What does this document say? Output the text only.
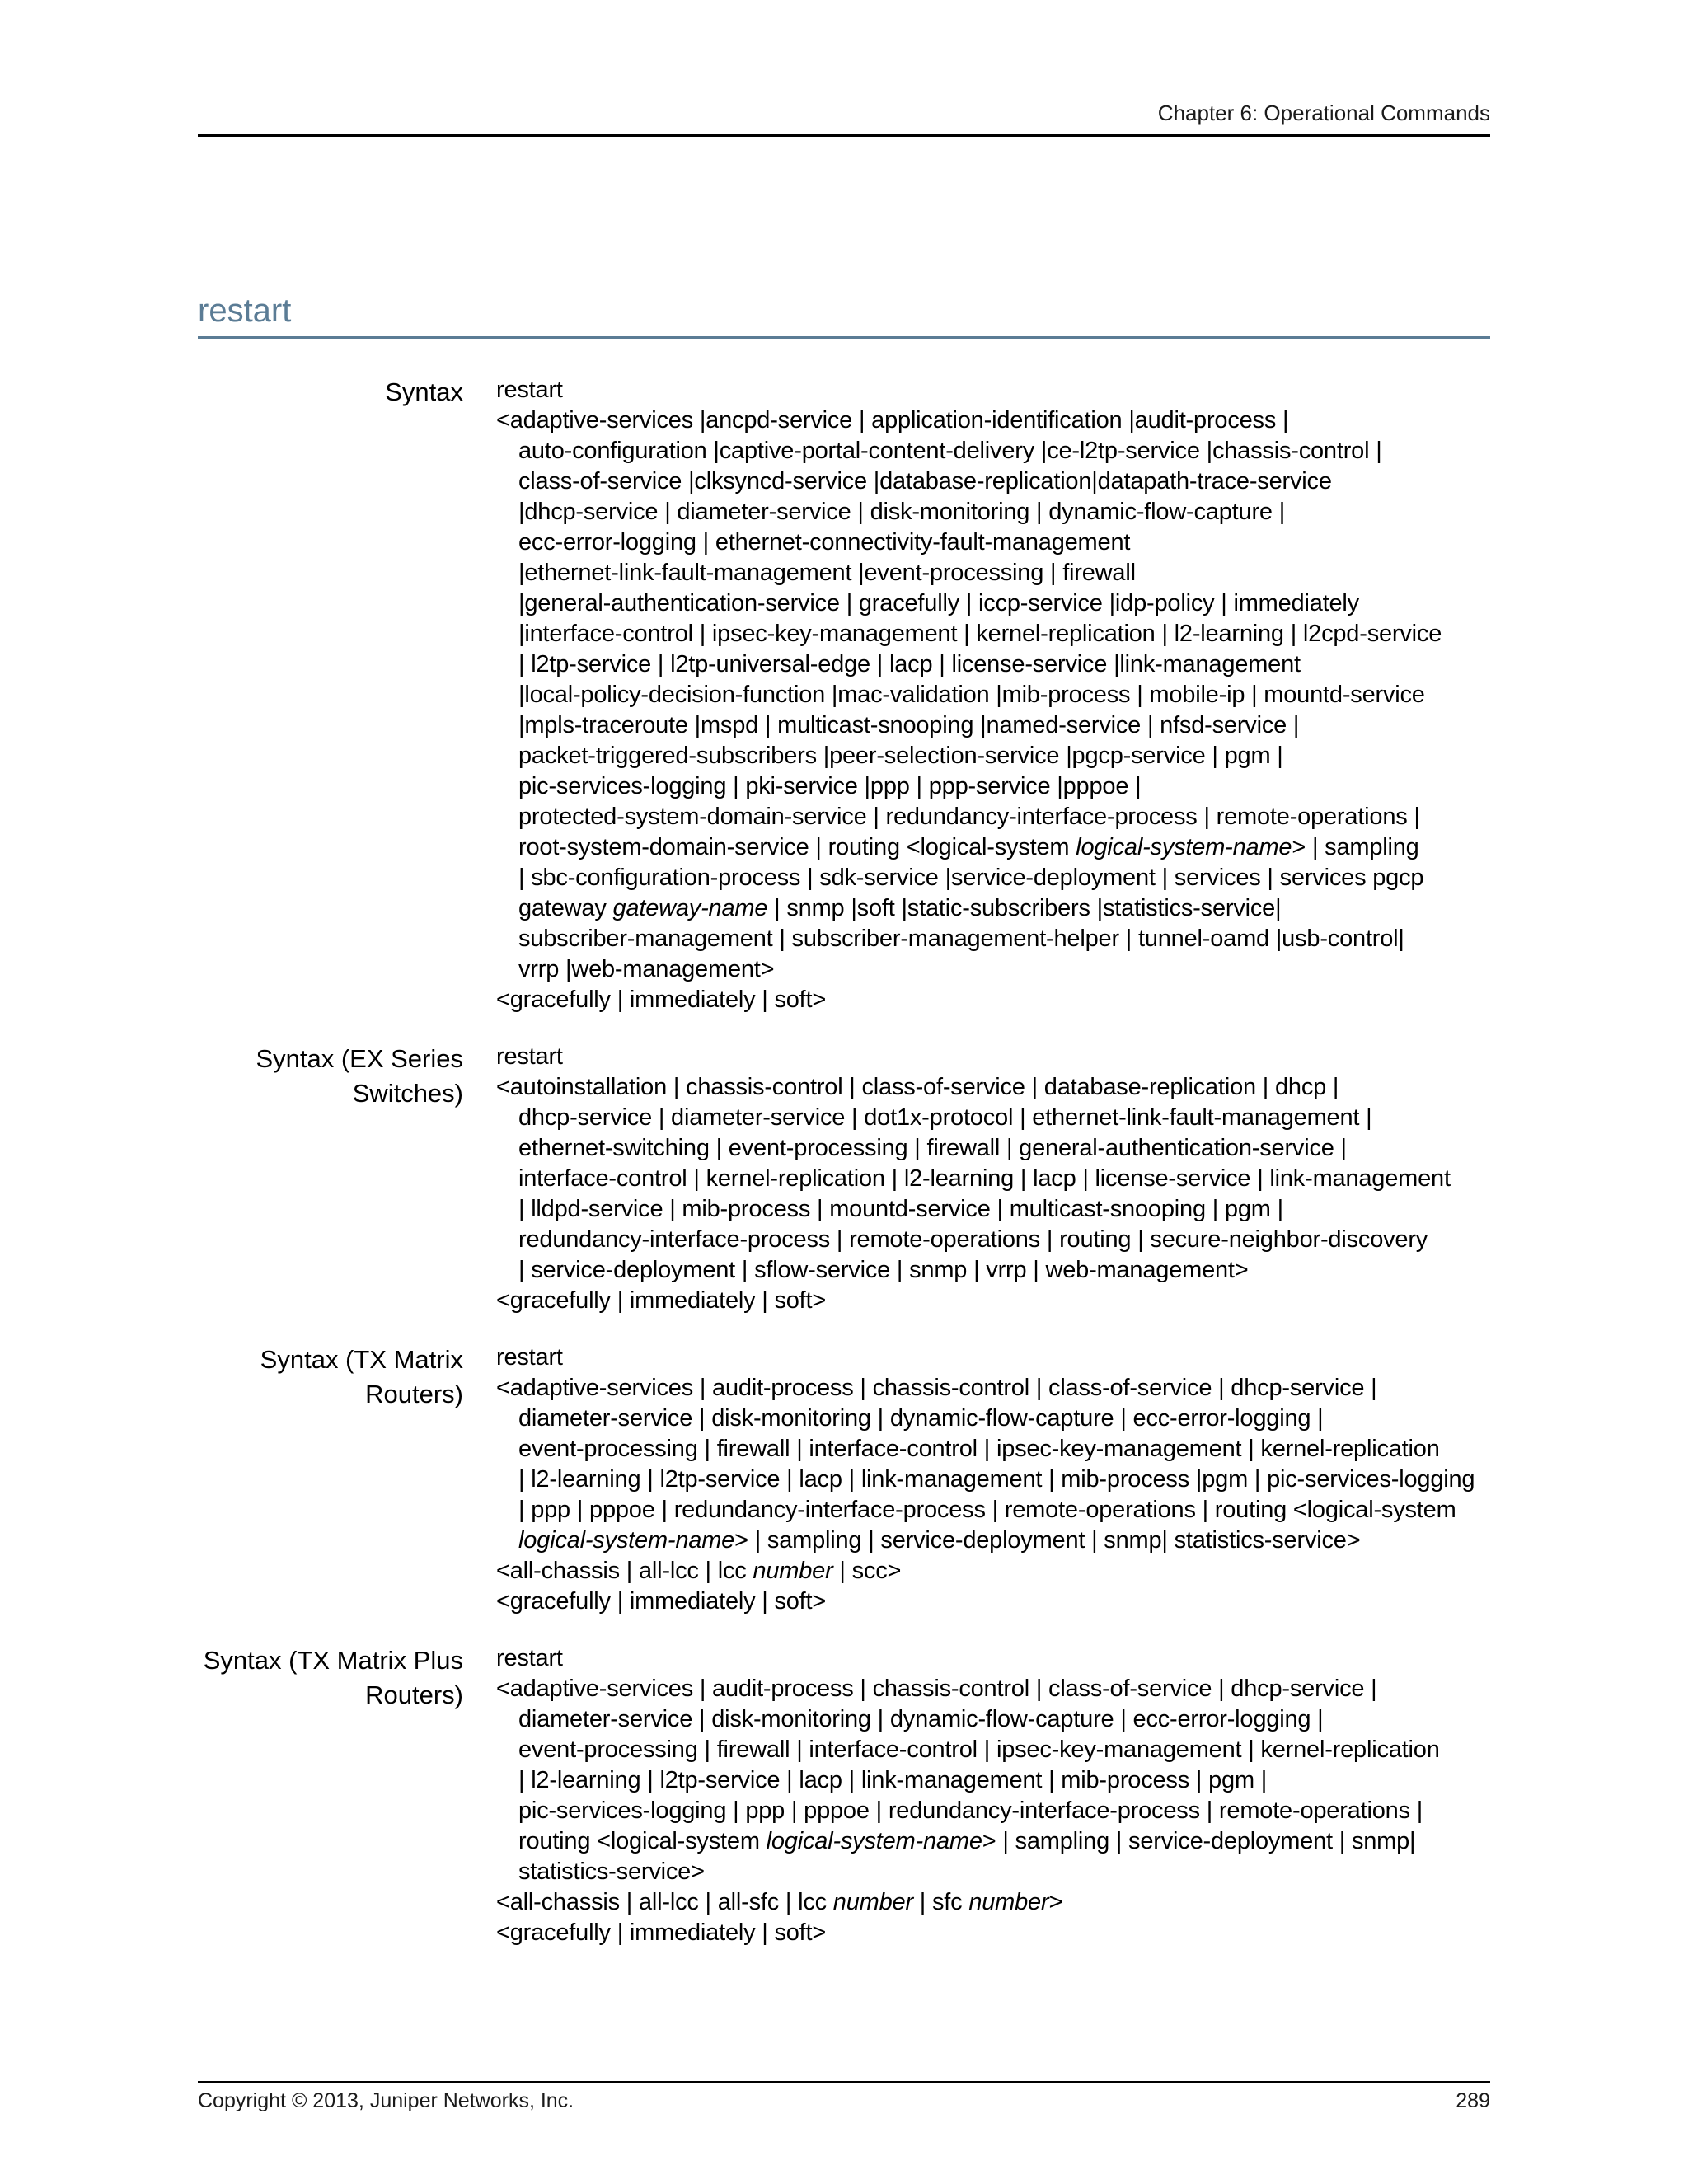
Chapter 6: Operational Commands
restart
Syntax restart
<adaptive-services |ancpd-service | application-identification |audit-process |
auto-configuration |captive-portal-content-delivery |ce-l2tp-service |chassis-control |
class-of-service |clksyncd-service |database-replication|datapath-trace-service
|dhcp-service | diameter-service | disk-monitoring | dynamic-flow-capture |
ecc-error-logging | ethernet-connectivity-fault-management
|ethernet-link-fault-management |event-processing | firewall
|general-authentication-service | gracefully | iccp-service |idp-policy | immediately
|interface-control | ipsec-key-management | kernel-replication | l2-learning | l2cpd-service
| l2tp-service | l2tp-universal-edge | lacp | license-service |link-management
|local-policy-decision-function |mac-validation |mib-process | mobile-ip | mountd-service
|mpls-traceroute |mspd | multicast-snooping |named-service | nfsd-service |
packet-triggered-subscribers |peer-selection-service |pgcp-service | pgm |
pic-services-logging | pki-service |ppp | ppp-service |pppoe |
protected-system-domain-service | redundancy-interface-process | remote-operations |
root-system-domain-service | routing <logical-system logical-system-name> | sampling
| sbc-configuration-process | sdk-service |service-deployment | services | services pgcp
gateway gateway-name | snmp |soft |static-subscribers |statistics-service|
subscriber-management | subscriber-management-helper | tunnel-oamd |usb-control|
vrrp |web-management>
<gracefully | immediately | soft>
Syntax (EX Series
Switches)
restart
<autoinstallation | chassis-control | class-of-service | database-replication | dhcp |
dhcp-service | diameter-service | dot1x-protocol | ethernet-link-fault-management |
ethernet-switching | event-processing | firewall | general-authentication-service |
interface-control | kernel-replication | l2-learning | lacp | license-service | link-management
| lldpd-service | mib-process | mountd-service | multicast-snooping | pgm |
redundancy-interface-process | remote-operations | routing | secure-neighbor-discovery
| service-deployment | sflow-service | snmp | vrrp | web-management>
<gracefully | immediately | soft>
Syntax (TX Matrix
Routers)
restart
<adaptive-services | audit-process | chassis-control | class-of-service | dhcp-service |
diameter-service | disk-monitoring | dynamic-flow-capture | ecc-error-logging |
event-processing | firewall | interface-control | ipsec-key-management | kernel-replication
| l2-learning | l2tp-service | lacp | link-management | mib-process |pgm | pic-services-logging
| ppp | pppoe | redundancy-interface-process | remote-operations | routing <logical-system
logical-system-name> | sampling | service-deployment | snmp| statistics-service>
<all-chassis | all-lcc | lcc number | scc>
<gracefully | immediately | soft>
Syntax (TX Matrix Plus
Routers)
restart
<adaptive-services | audit-process | chassis-control | class-of-service | dhcp-service |
diameter-service | disk-monitoring | dynamic-flow-capture | ecc-error-logging |
event-processing | firewall | interface-control | ipsec-key-management | kernel-replication
| l2-learning | l2tp-service | lacp | link-management | mib-process | pgm |
pic-services-logging | ppp | pppoe | redundancy-interface-process | remote-operations |
routing <logical-system logical-system-name> | sampling | service-deployment | snmp|
statistics-service>
<all-chassis | all-lcc | all-sfc | lcc number | sfc number>
<gracefully | immediately | soft>
Copyright © 2013, Juniper Networks, Inc.	289
